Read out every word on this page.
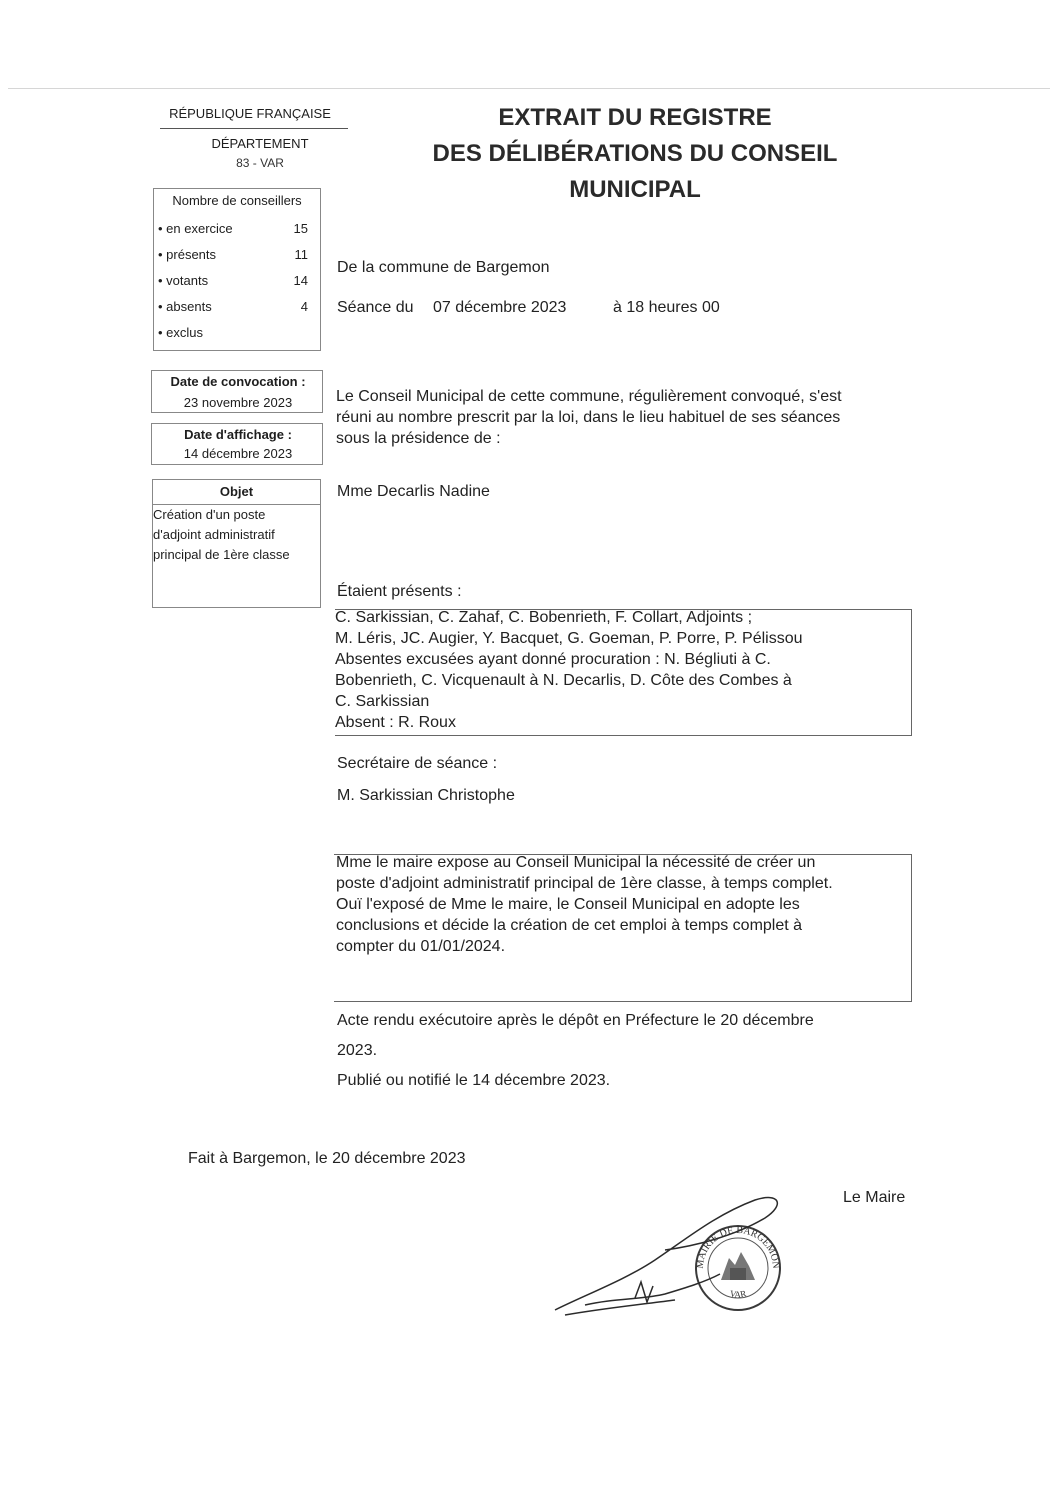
RÉPUBLIQUE FRANÇAISE
DÉPARTEMENT
83 - VAR
Nombre de conseillers
• en exercice	15
• présents	11
• votants	14
• absents	4
• exclus
Date de convocation :
23 novembre 2023
Date d'affichage :
14 décembre 2023
Objet
Création d'un poste
d'adjoint administratif
principal de 1ère classe
EXTRAIT DU REGISTRE
DES DÉLIBÉRATIONS DU CONSEIL
MUNICIPAL
De la commune de Bargemon
Séance du 07 décembre 2023	à 18 heures 00
Le Conseil Municipal de cette commune, régulièrement convoqué, s'est
réuni au nombre prescrit par la loi, dans le lieu habituel de ses séances
sous la présidence de :
Mme Decarlis Nadine
Étaient présents :
C. Sarkissian, C. Zahaf, C. Bobenrieth, F. Collart, Adjoints ;
M. Léris, JC. Augier, Y. Bacquet, G. Goeman, P. Porre, P. Pélissou
Absentes excusées ayant donné procuration : N. Bégliuti à C.
Bobenrieth, C. Vicquenault à N. Decarlis, D. Côte des Combes à
C. Sarkissian
Absent : R. Roux
Secrétaire de séance :
M. Sarkissian Christophe
Mme le maire expose au Conseil Municipal la nécessité de créer un
poste d'adjoint administratif principal de 1ère classe, à temps complet.
Ouï l'exposé de Mme le maire, le Conseil Municipal en adopte les
conclusions et décide la création de cet emploi à temps complet à
compter du 01/01/2024.
Acte rendu exécutoire après le dépôt en Préfecture le 20 décembre
2023.
Publié ou notifié le 14 décembre 2023.
Fait à Bargemon, le 20 décembre 2023
Le Maire
MAIRIE DE BARGEMON
VAR
